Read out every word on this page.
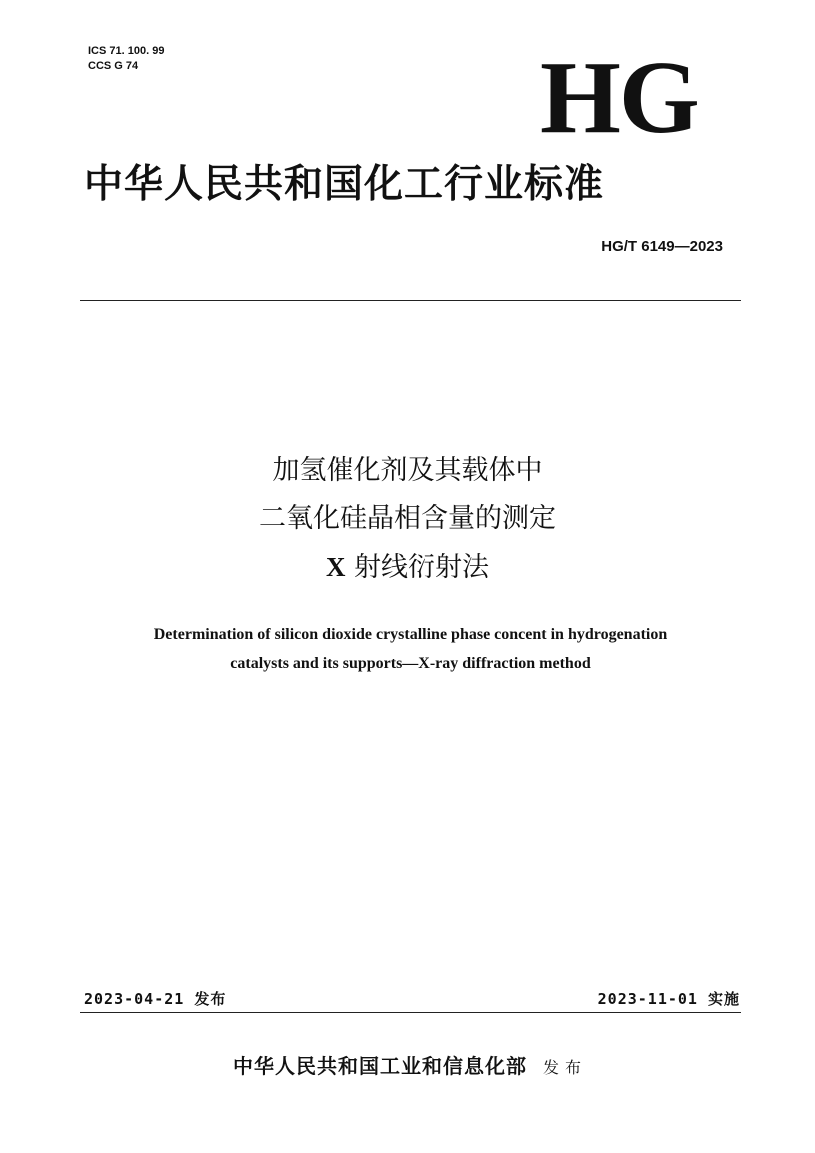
ICS 71. 100. 99
CCS G 74	HG
中华人民共和国化工行业标准
HG/T 6149—2023
加氢催化剂及其载体中
二氧化硅晶相含量的测定
X 射线衍射法
Determination of silicon dioxide crystalline phase concent in hydrogenation
catalysts and its supports—X-ray diffraction method
2023-04-21 发布	2023-11-01 实施
中华人民共和国工业和信息化部 发布
